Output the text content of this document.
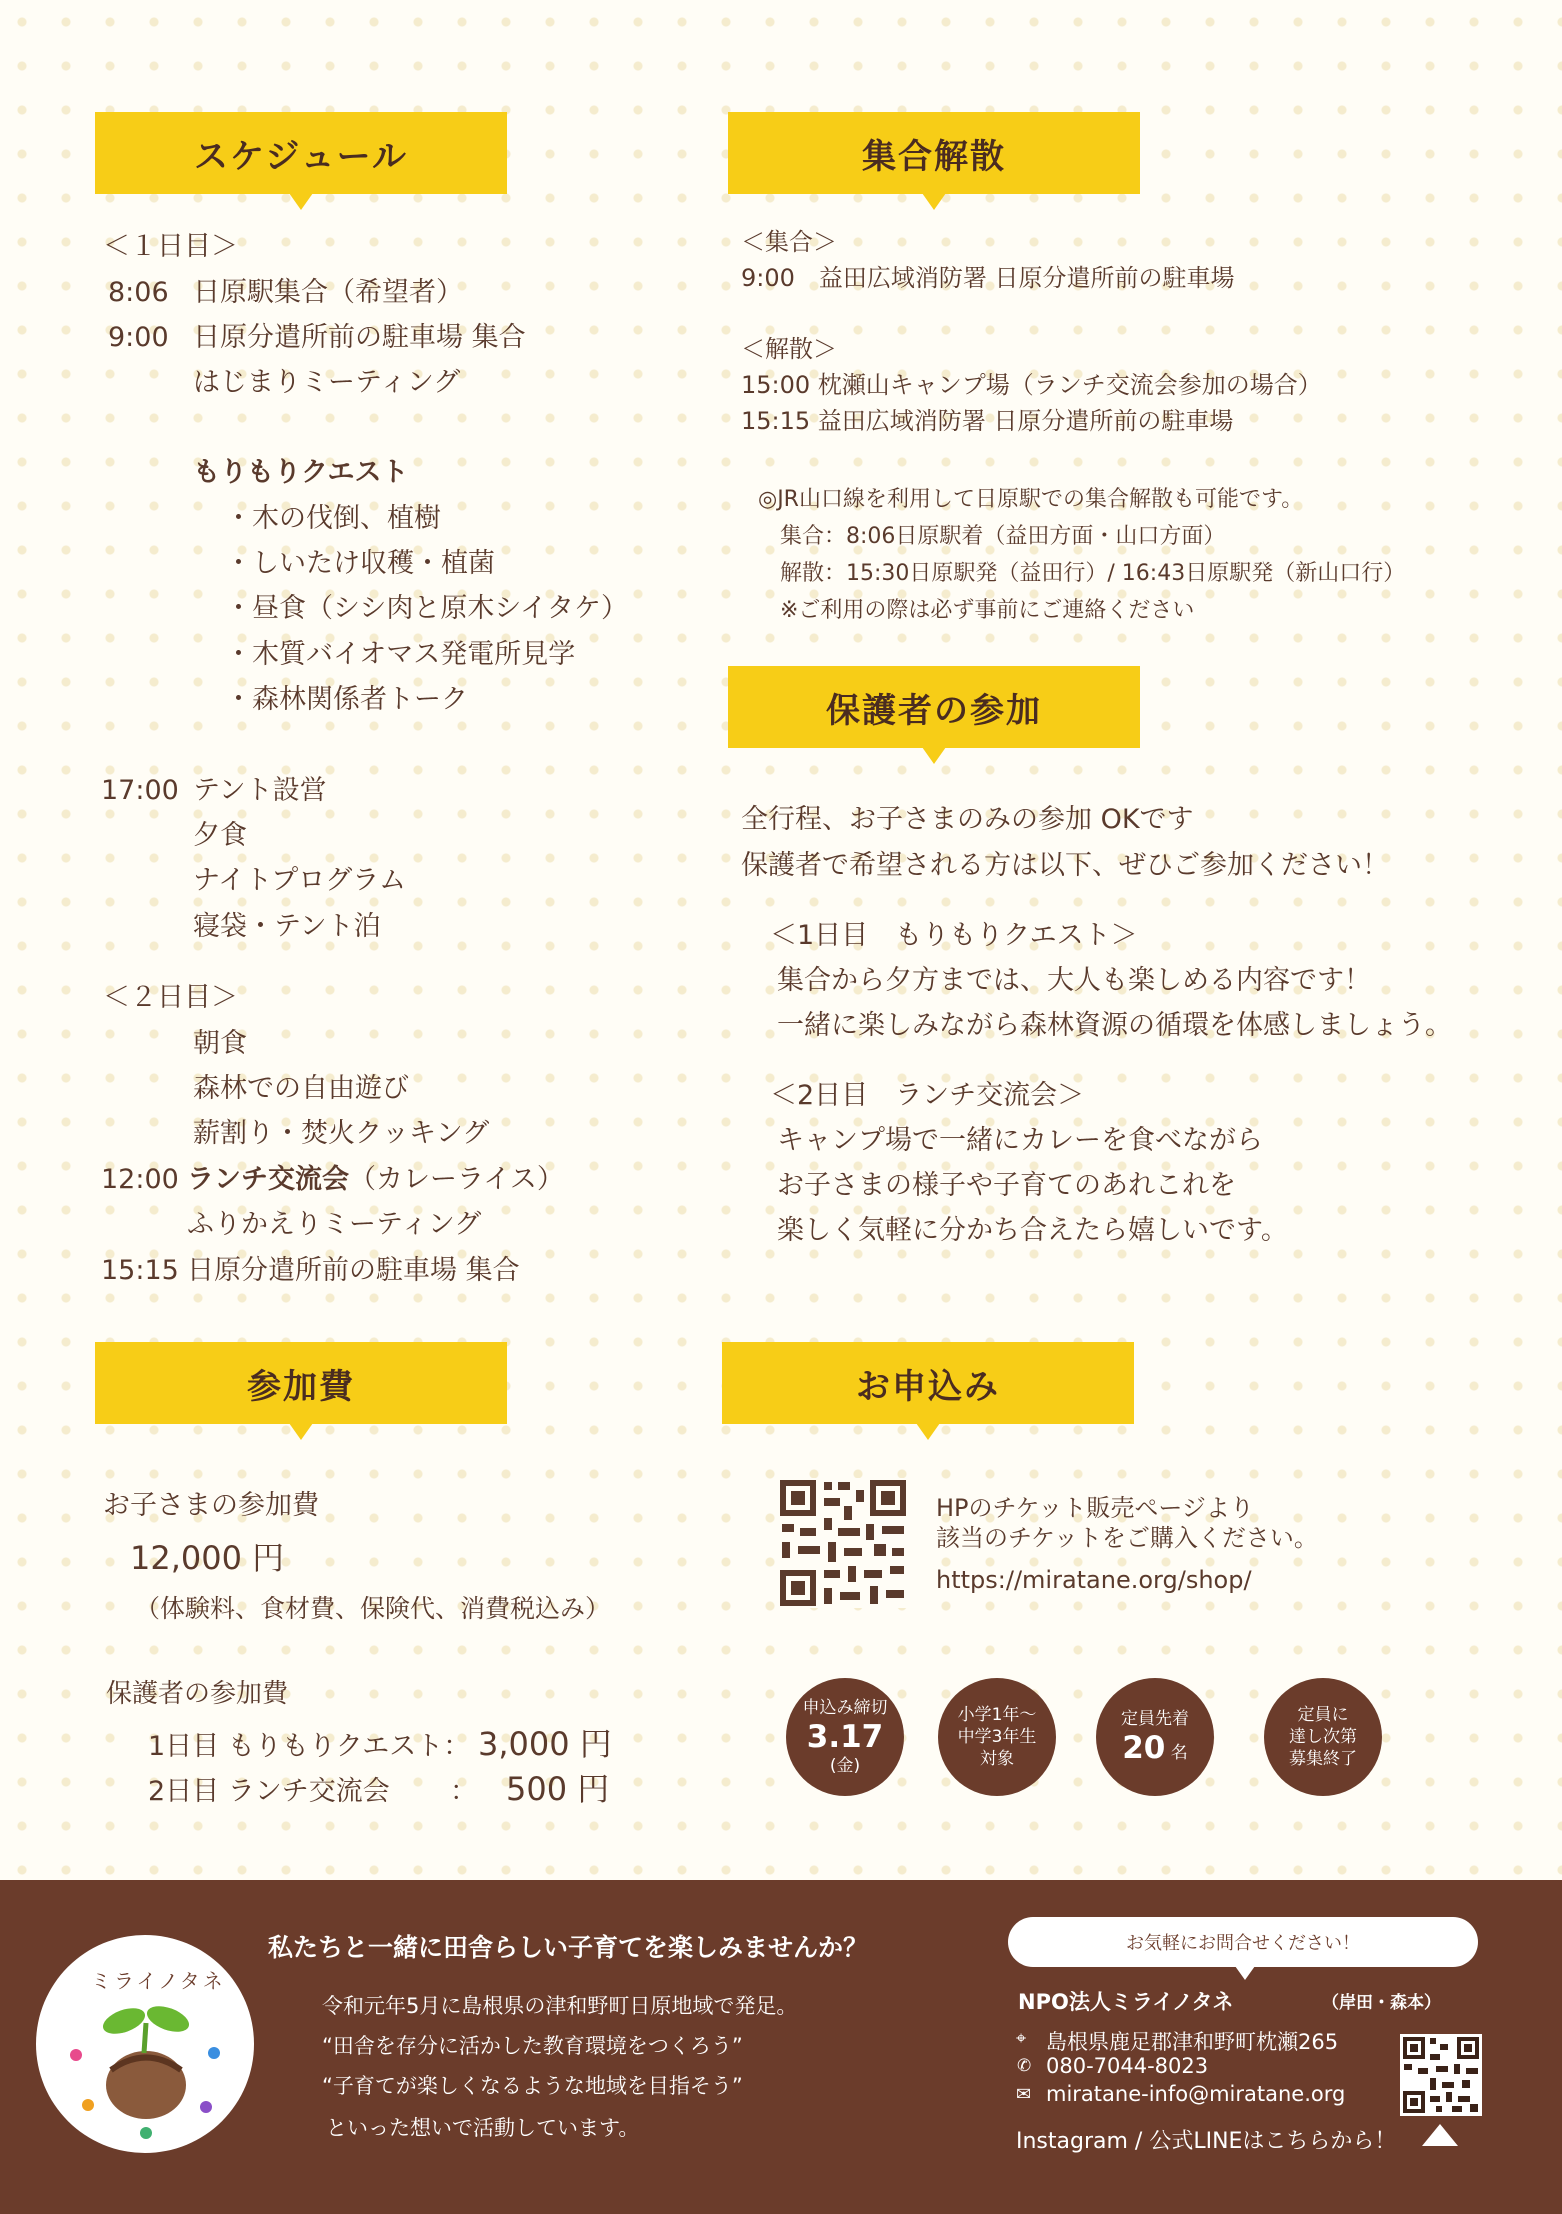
スケジュール
＜１日目＞
8:06 日原駅集合（希望者）
9:00 日原分遣所前の駐車場 集合
はじまりミーティング
もりもりクエスト
・木の伐倒、植樹
・しいたけ収穫・植菌
・昼食（シシ肉と原木シイタケ）
・木質バイオマス発電所見学
・森林関係者トーク
17:00 テント設営
夕食
ナイトプログラム
寝袋・テント泊
＜２日目＞
朝食
森林での自由遊び
薪割り・焚火クッキング
12:00 ランチ交流会（カレーライス）
ふりかえりミーティング
15:15 日原分遣所前の駐車場 集合
集合解散
＜集合＞
9:00　益田広域消防署 日原分遣所前の駐車場
＜解散＞
15:00 枕瀬山キャンプ場（ランチ交流会参加の場合）
15:15 益田広域消防署 日原分遣所前の駐車場
◎JR山口線を利用して日原駅での集合解散も可能です。
集合：8:06日原駅着（益田方面・山口方面）
解散：15:30日原駅発（益田行）/ 16:43日原駅発（新山口行）
※ご利用の際は必ず事前にご連絡ください
保護者の参加
全行程、お子さまのみの参加 OKです
保護者で希望される方は以下、ぜひご参加ください！
＜1日目　もりもりクエスト＞
集合から夕方までは、大人も楽しめる内容です！
一緒に楽しみながら森林資源の循環を体感しましょう。
＜2日目　ランチ交流会＞
キャンプ場で一緒にカレーを食べながら
お子さまの様子や子育てのあれこれを
楽しく気軽に分かち合えたら嬉しいです。
参加費
お子さまの参加費
12,000 円
（体験料、食材費、保険代、消費税込み）
保護者の参加費
1日目 もりもりクエスト： 3,000 円
2日目 ランチ交流会 ： 500 円
お申込み
HPのチケット販売ページより
該当のチケットをご購入ください。
https://miratane.org/shop/
申込み締切
3.17
(金)
小学1年〜
中学3年生
対象
定員先着
20 名
定員に
達し次第
募集終了
ミライノタネ
私たちと一緒に田舎らしい子育てを楽しみませんか？
令和元年5月に島根県の津和野町日原地域で発足。
“田舎を存分に活かした教育環境をつくろう”
“子育てが楽しくなるような地域を目指そう”
といった想いで活動しています。
お気軽にお問合せください！
NPO法人ミライノタネ	（岸田・森本）
⌖ 島根県鹿足郡津和野町枕瀬265
✆ 080-7044-8023
✉ miratane-info@miratane.org
Instagram / 公式LINEはこちらから！
